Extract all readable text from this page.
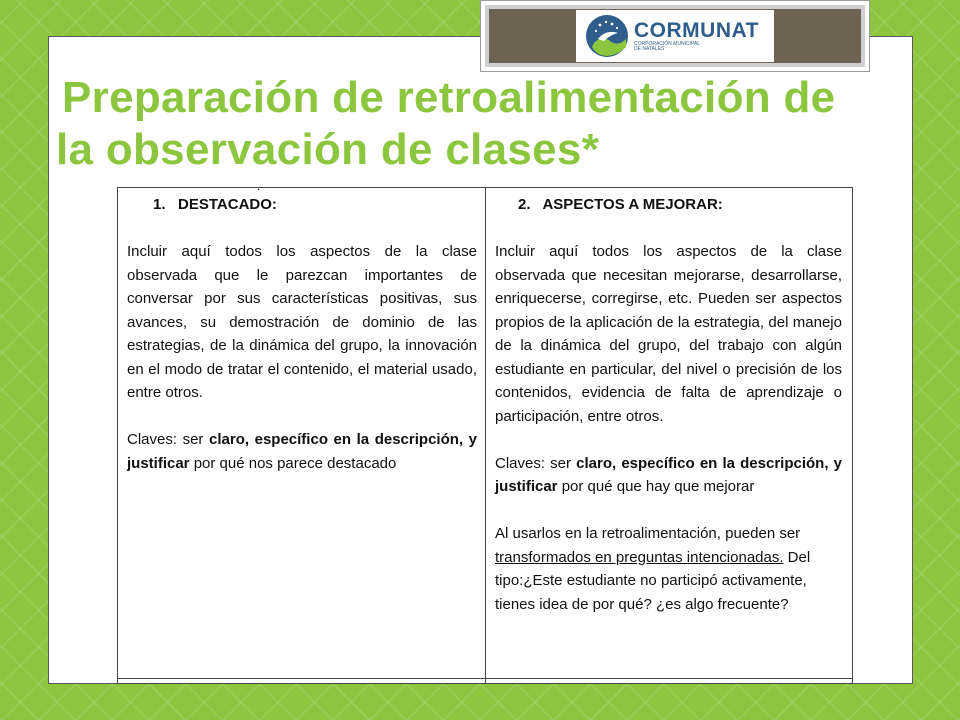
CORMUNAT
CORPORACIÓN MUNICIPAL DE NATALES
Preparación de retroalimentación de
la observación de clases*
.

1. DESTACADO:

Incluir aquí todos los aspectos de la clase observada que le parezcan importantes de conversar por sus características positivas, sus avances, su demostración de dominio de las estrategias, de la dinámica del grupo, la innovación en el modo de tratar el contenido, el material usado, entre otros.

Claves: ser claro, específico en la descripción, y justificar por qué nos parece destacado

2. ASPECTOS A MEJORAR:

Incluir aquí todos los aspectos de la clase observada que necesitan mejorarse, desarrollarse, enriquecerse, corregirse, etc. Pueden ser aspectos propios de la aplicación de la estrategia, del manejo de la dinámica del grupo, del trabajo con algún estudiante en particular, del nivel o precisión de los contenidos, evidencia de falta de aprendizaje o participación, entre otros.

Claves: ser claro, específico en la descripción, y justificar por qué que hay que mejorar

Al usarlos en la retroalimentación, pueden ser transformados en preguntas intencionadas. Del tipo:¿Este estudiante no participó activamente, tienes idea de por qué? ¿es algo frecuente?
